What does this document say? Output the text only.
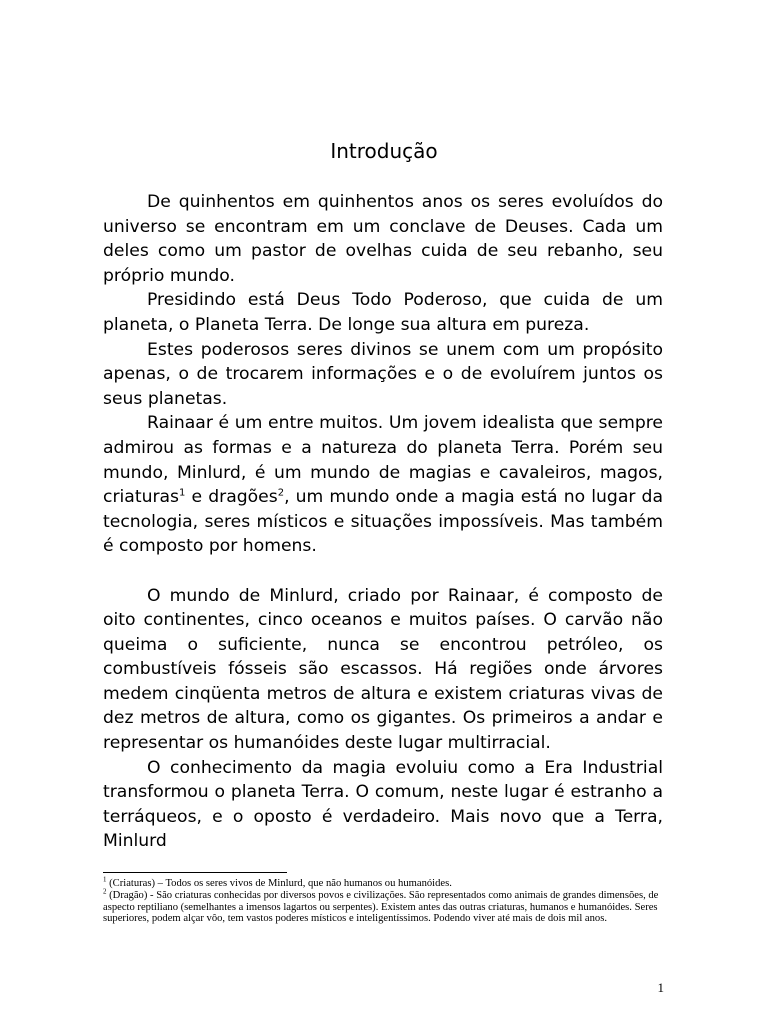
Introdução

De quinhentos em quinhentos anos os seres evoluídos do universo se encontram em um conclave de Deuses. Cada um deles como um pastor de ovelhas cuida de seu rebanho, seu próprio mundo.

Presidindo está Deus Todo Poderoso, que cuida de um planeta, o Planeta Terra. De longe sua altura em pureza.

Estes poderosos seres divinos se unem com um propósito apenas, o de trocarem informações e o de evoluírem juntos os seus planetas.

Rainaar é um entre muitos. Um jovem idealista que sempre admirou as formas e a natureza do planeta Terra. Porém seu mundo, Minlurd, é um mundo de magias e cavaleiros, magos, criaturas$^1$ e dragões$^2$, um mundo onde a magia está no lugar da tecnologia, seres místicos e situações impossíveis. Mas também é composto por homens.

O mundo de Minlurd, criado por Rainaar, é composto de oito continentes, cinco oceanos e muitos países. O carvão não queima o suficiente, nunca se encontrou petróleo, os combustíveis fósseis são escassos. Há regiões onde árvores medem cinqüenta metros de altura e existem criaturas vivas de dez metros de altura, como os gigantes. Os primeiros a andar e representar os humanóides deste lugar multirracial.

O conhecimento da magia evoluiu como a Era Industrial transformou o planeta Terra. O comum, neste lugar é estranho a terráqueos, e o oposto é verdadeiro. Mais novo que a Terra, Minlurd

$^1$ (Criaturas) – Todos os seres vivos de Minlurd, que não humanos ou humanóides.

$^2$ (Dragão) - São criaturas conhecidas por diversos povos e civilizações. São representados como animais de grandes dimensões, de aspecto reptiliano (semelhantes a imensos lagartos ou serpentes). Existem antes das outras criaturas, humanos e humanóides. Seres superiores, podem alçar vôo, tem vastos poderes místicos e inteligentíssimos. Podendo viver até mais de dois mil anos.

1
